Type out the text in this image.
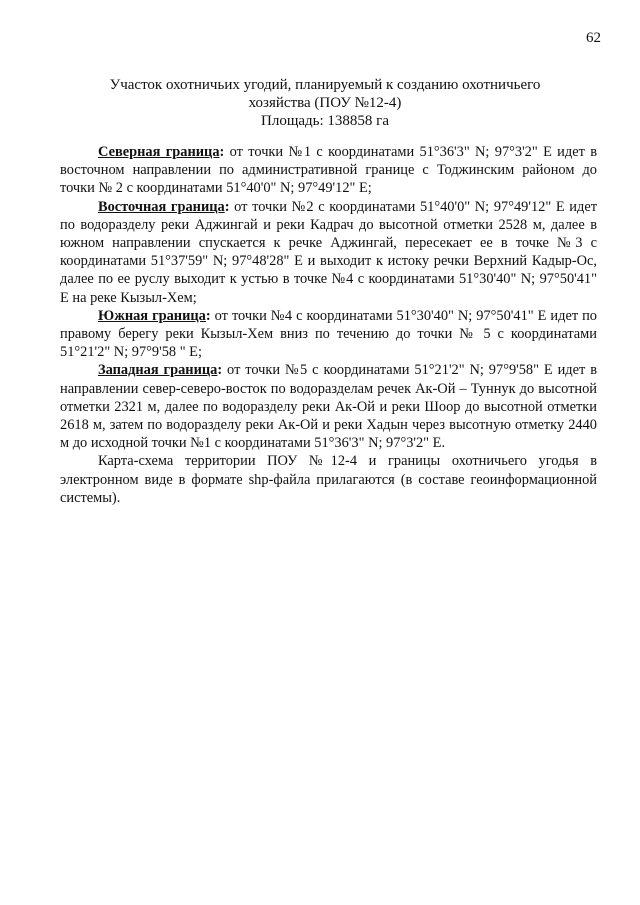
62
Участок охотничьих угодий, планируемый к созданию охотничьего
хозяйства (ПОУ №12-4)
Площадь: 138858 га

Северная граница: от точки №1 с координатами 51°36'3" N; 97°3'2" E идет в восточном направлении по административной границе с Тоджинским районом до точки № 2 с координатами 51°40'0" N; 97°49'12" E;

Восточная граница: от точки №2 с координатами 51°40'0" N; 97°49'12" E идет по водоразделу реки Аджингай и реки Кадрач до высотной отметки 2528 м, далее в южном направлении спускается к речке Аджингай, пересекает ее в точке №3 с координатами 51°37'59" N; 97°48'28" E и выходит к истоку речки Верхний Кадыр-Ос, далее по ее руслу выходит к устью в точке №4 с координатами 51°30'40" N; 97°50'41" E на реке Кызыл-Хем;

Южная граница: от точки №4 с координатами 51°30'40" N; 97°50'41" E идет по правому берегу реки Кызыл-Хем вниз по течению до точки № 5 с координатами 51°21'2" N; 97°9'58 " E;

Западная граница: от точки №5 с координатами 51°21'2" N; 97°9'58" E идет в направлении север-северо-восток по водоразделам речек Ак-Ой – Туннук до высотной отметки 2321 м, далее по водоразделу реки Ак-Ой и реки Шоор до высотной отметки 2618 м, затем по водоразделу реки Ак-Ой и реки Хадын через высотную отметку 2440 м до исходной точки №1 с координатами 51°36'3" N; 97°3'2" E.

Карта-схема территории ПОУ №12-4 и границы охотничьего угодья в электронном виде в формате shp-файла прилагаются (в составе геоинформационной системы).
